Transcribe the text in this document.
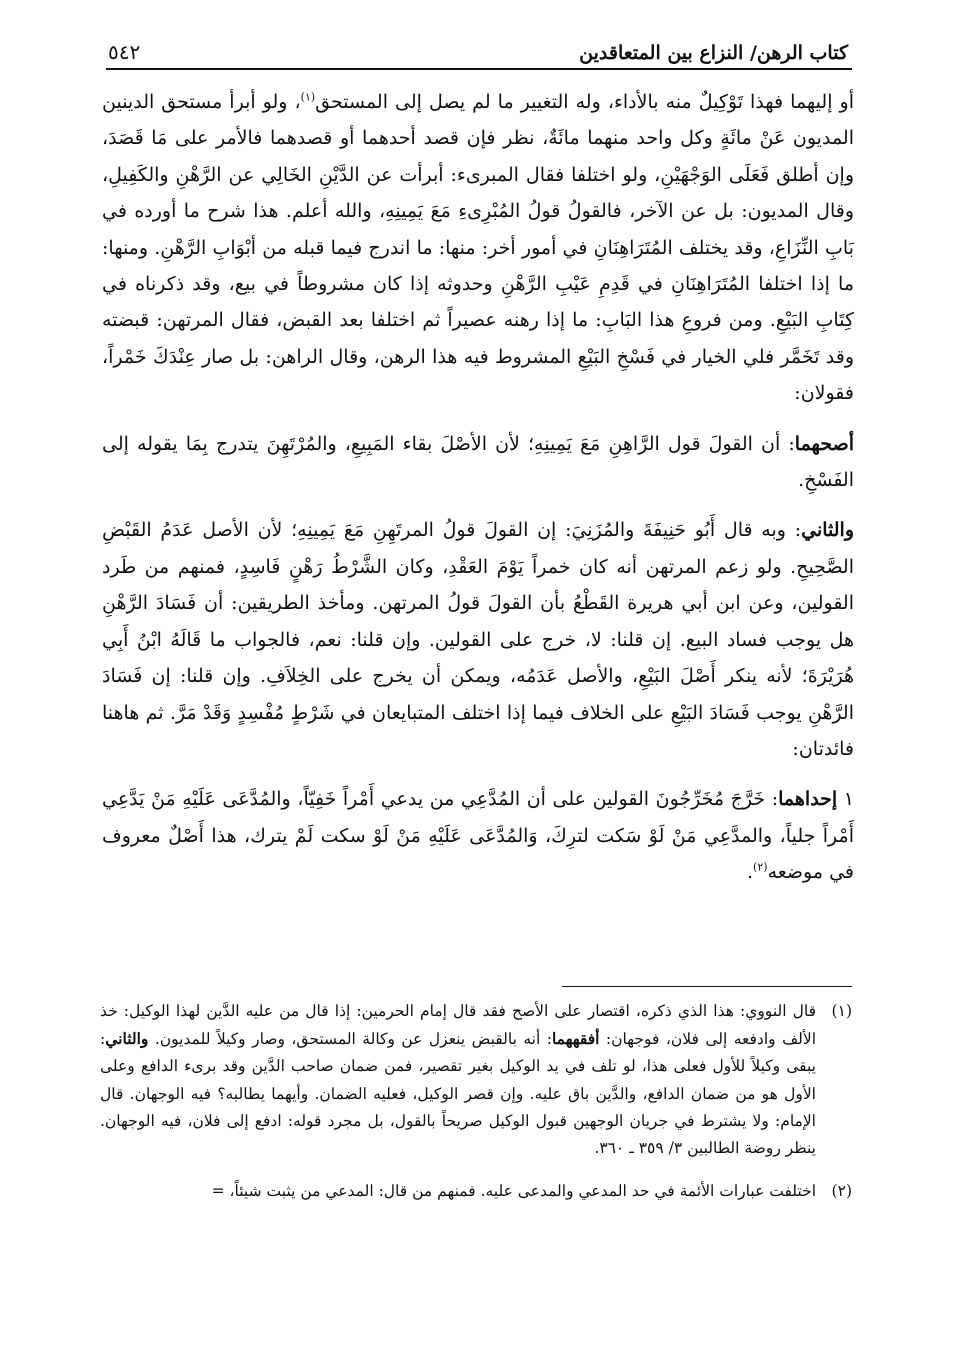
كتاب الرهن/ النزاع بين المتعاقدين
٥٤٢

أو إليهما فهذا تَوْكِيلٌ منه بالأداء، وله التغيير ما لم يصل إلى المستحق$^{(١)}$، ولو أبرأ مستحق الدينين المديون عَنْ مائَةٍ وكل واحد منهما مائَةٌ، نظر فإن قصد أحدهما أو قصدهما فالأمر على مَا قَصَدَ، وإن أطلق فَعَلَى الوَجْهَيْنِ، ولو اختلفا فقال المبرىء: أبرأت عن الدَّيْنِ الخَالِي عن الرَّهْنِ والكَفِيلِ، وقال المديون: بل عن الآخر، فالقولُ قولُ المُبْرِىءِ مَعَ يَمِينِهِ، والله أعلم. هذا شرح ما أورده في بَابِ النِّزَاعِ، وقد يختلف المُتَرَاهِنَانِ في أمور أخر: منها: ما اندرج فيما قبله من أبْوَابِ الرَّهْنِ. ومنها: ما إذا اختلفا المُتَرَاهِنَانِ في قَدِمِ عَيْبِ الرَّهْنِ وحدوثه إذا كان مشروطاً في بيع، وقد ذكرناه في كِتَابِ البَيْعِ. ومن فروعِ هذا البَابِ: ما إذا رهنه عصيراً ثم اختلفا بعد القبض، فقال المرتهن: قبضته وقد تَخَمَّر فلي الخيار في فَسْخِ البَيْعِ المشروط فيه هذا الرهن، وقال الراهن: بل صار عِنْدَكَ خَمْراً، فقولان:

أصحهما: أن القولَ قول الرَّاهِنِ مَعَ يَمِينِهِ؛ لأن الأصْلَ بقاء المَبِيعِ، والمُرْتَهِنَ يتدرج بِمَا يقوله إلى الفَسْخِ.

والثاني: وبه قال أَبُو حَنِيفَةَ والمُزَنِيَ: إن القولَ قولُ المرتَهِنِ مَعَ يَمِينِهِ؛ لأن الأصل عَدَمُ القَبْضِ الصَّحِيحِ. ولو زعم المرتهن أنه كان خمراً يَوْمَ العَقْدِ، وكان الشَّرْطُ رَهْنٍ فَاسِدٍ، فمنهم من طَرد القولين، وعن ابن أبي هريرة القَطْعُ بأن القولَ قولُ المرتهن. ومأخذ الطريقين: أن فَسَادَ الرَّهْنِ هل يوجب فساد البيع. إن قلنا: لا، خرج على القولين. وإن قلنا: نعم، فالجواب ما قَالَهُ ابْنُ أَبِي هُرَيْرَةَ؛ لأنه ينكر أَصْلَ البَيْعِ، والأصل عَدَمُه، ويمكن أن يخرج على الخِلاَفِ. وإن قلنا: إن فَسَادَ الرَّهْنِ يوجب فَسَادَ البَيْعِ على الخلاف فيما إذا اختلف المتبايعان في شَرْطٍ مُفْسِدٍ وَقَدْ مَرَّ. ثم هاهنا فائدتان:

١ إحداهما: خَرَّجَ مُخَرِّجُونَ القولين على أن المُدَّعِي من يدعي أَمْراً خَفِيّاً، والمُدَّعَى عَلَيْهِ مَنْ يَدَّعِي أَمْراً جلياً، والمدَّعِي مَنْ لَوْ سَكت لترِكَ، وَالمُدَّعَى عَلَيْهِ مَنْ لَوْ سكت لَمْ يترك، هذا أَصْلٌ معروف في موضعه$^{(٢)}$.

(١)
قال النووي: هذا الذي ذكره، اقتصار على الأصح فقد قال إمام الحرمين: إذا قال من عليه الدَّين لهذا الوكيل: خذ الألف وادفعه إلى فلان، فوجهان: أفقههما: أنه بالقبض ينعزل عن وكالة المستحق، وصار وكيلاً للمديون. والثاني: يبقى وكيلاً للأول فعلى هذا، لو تلف في يد الوكيل بغير تقصير، فمن ضمان صاحب الدَّين وقد برىء الدافع وعلى الأول هو من ضمان الدافع، والدَّين باق عليه. وإن قصر الوكيل، فعليه الضمان. وأيهما يطالبه؟ فيه الوجهان. قال الإمام: ولا يشترط في جريان الوجهين قبول الوكيل صريحاً بالقول، بل مجرد قوله: ادفع إلى فلان، فيه الوجهان. ينظر روضة الطالبين ٣/ ٣٥٩ ـ ٣٦٠.
(٢)
اختلفت عبارات الأئمة في حد المدعي والمدعى عليه. فمنهم من قال: المدعي من يثبت شيئاً، =
